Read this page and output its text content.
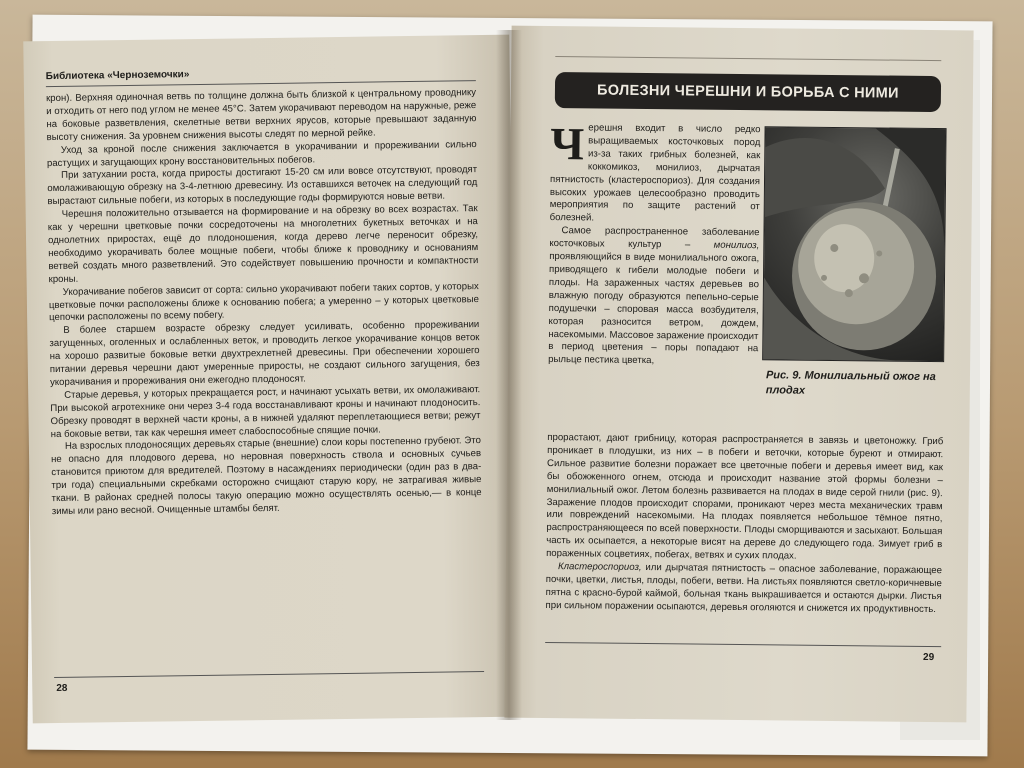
Библиотека «Черноземочки»

крон). Верхняя одиночная ветвь по толщине должна быть близкой к центральному проводнику и отходить от него под углом не менее 45°С. Затем укорачивают переводом на наружные, реже на боковые разветвления, скелетные ветви верхних ярусов, которые превышают заданную высоту снижения. За уровнем снижения высоты следят по мерной рейке.

Уход за кроной после снижения заключается в укорачивании и прореживании сильно растущих и загущающих крону восстановительных побегов.

При затухании роста, когда приросты достигают 15-20 см или вовсе отсутствуют, проводят омолаживающую обрезку на 3-4-летнюю древесину. Из оставшихся веточек на следующий год вырастают сильные побеги, из которых в последующие годы формируются новые ветви.

Черешня положительно отзывается на формирование и на обрезку во всех возрастах. Так как у черешни цветковые почки сосредоточены на многолетних букетных веточках и на однолетних приростах, ещё до плодоношения, когда дерево легче переносит обрезку, необходимо укорачивать более мощные побеги, чтобы ближе к проводнику и основаниям ветвей создать много разветвлений. Это содействует повышению прочности и компактности кроны.

Укорачивание побегов зависит от сорта: сильно укорачивают побеги таких сортов, у которых цветковые почки расположены ближе к основанию побега; а умеренно – у которых цветковые цепочки расположены по всему побегу.

В более старшем возрасте обрезку следует усиливать, особенно прореживании загущенных, оголенных и ослабленных веток, и проводить легкое укорачивание концов веток на хорошо развитые боковые ветки двухтрехлетней древесины. При обеспечении хорошего питании деревья черешни дают умеренные приросты, не создают сильного загущения, без укорачивания и прореживания они ежегодно плодоносят.

Старые деревья, у которых прекращается рост, и начинают усыхать ветви, их омолаживают. При высокой агротехнике они через 3-4 года восстанавливают кроны и начинают плодоносить. Обрезку проводят в верхней части кроны, а в нижней удаляют переплетающиеся ветви; режут на боковые ветви, так как черешня имеет слабоспособные спящие почки.

На взрослых плодоносящих деревьях старые (внешние) слои коры постепенно грубеют. Это не опасно для плодового дерева, но неровная поверхность ствола и основных сучьев становится приютом для вредителей. Поэтому в насаждениях периодически (один раз в два-три года) специальными скребками осторожно счищают старую кору, не затрагивая живые ткани. В районах средней полосы такую операцию можно осуществлять осенью,— в конце зимы или рано весной. Очищенные штамбы белят.

28
БОЛЕЗНИ ЧЕРЕШНИ И БОРЬБА С НИМИ

Черешня входит в число редко выращиваемых косточковых пород из-за таких грибных болезней, как коккомикоз, монилиоз, дырчатая пятнистость (кластероспориоз). Для создания высоких урожаев целесообразно проводить мероприятия по защите растений от болезней.

Самое распространенное заболевание косточковых культур – монилиоз, проявляющийся в виде монилиального ожога, приводящего к гибели молодые побеги и плоды. На зараженных частях деревьев во влажную погоду образуются пепельно-серые подушечки – споровая масса возбудителя, которая разносится ветром, дождем, насекомыми. Массовое заражение происходит в период цветения – поры попадают на рыльце пестика цветка,

Рис. 9. Монилиальный ожог на плодах

прорастают, дают грибницу, которая распространяется в завязь и цветоножку. Гриб проникает в плодушки, из них – в побеги и веточки, которые буреют и отмирают. Сильное развитие болезни поражает все цветочные побеги и деревья имеет вид, как бы обожженного огнем, отсюда и происходит название этой формы болезни – монилиальный ожог. Летом болезнь развивается на плодах в виде серой гнили (рис. 9). Заражение плодов происходит спорами, проникают через места механических травм или повреждений насекомыми. На плодах появляется небольшое тёмное пятно, распространяющееся по всей поверхности. Плоды сморщиваются и засыхают. Большая часть их осыпается, а некоторые висят на дереве до следующего года. Зимует гриб в пораженных соцветиях, побегах, ветвях и сухих плодах.

Кластероспориоз, или дырчатая пятнистость – опасное заболевание, поражающее почки, цветки, листья, плоды, побеги, ветви. На листьях появляются светло-коричневые пятна с красно-бурой каймой, больная ткань выкрашивается и остаются дырки. Листья при сильном поражении осыпаются, деревья оголяются и снижется их продуктивность.

29
